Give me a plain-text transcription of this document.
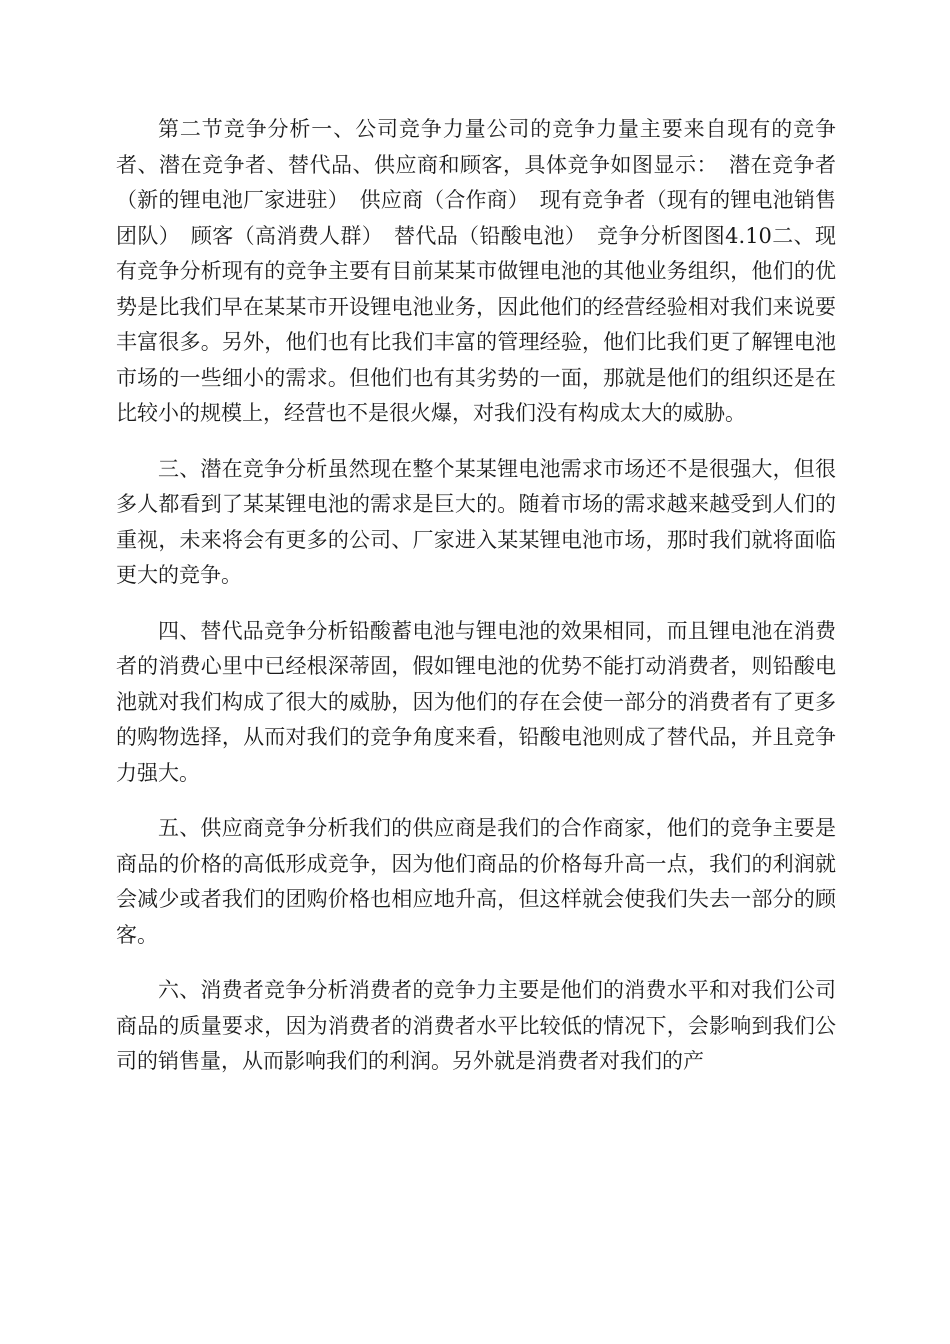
第二节竞争分析一、公司竞争力量公司的竞争力量主要来自现有的竞争者、潜在竞争者、替代品、供应商和顾客，具体竞争如图显示：　潜在竞争者（新的锂电池厂家进驻）　供应商（合作商）　现有竞争者（现有的锂电池销售团队）　顾客（高消费人群）　替代品（铅酸电池）　竞争分析图图4.10二、现有竞争分析现有的竞争主要有目前某某市做锂电池的其他业务组织，他们的优势是比我们早在某某市开设锂电池业务，因此他们的经营经验相对我们来说要丰富很多。另外，他们也有比我们丰富的管理经验，他们比我们更了解锂电池市场的一些细小的需求。但他们也有其劣势的一面，那就是他们的组织还是在比较小的规模上，经营也不是很火爆，对我们没有构成太大的威胁。

三、潜在竞争分析虽然现在整个某某锂电池需求市场还不是很强大，但很多人都看到了某某锂电池的需求是巨大的。随着市场的需求越来越受到人们的重视，未来将会有更多的公司、厂家进入某某锂电池市场，那时我们就将面临更大的竞争。

四、替代品竞争分析铅酸蓄电池与锂电池的效果相同，而且锂电池在消费者的消费心里中已经根深蒂固，假如锂电池的优势不能打动消费者，则铅酸电池就对我们构成了很大的威胁，因为他们的存在会使一部分的消费者有了更多的购物选择，从而对我们的竞争角度来看，铅酸电池则成了替代品，并且竞争力强大。

五、供应商竞争分析我们的供应商是我们的合作商家，他们的竞争主要是商品的价格的高低形成竞争，因为他们商品的价格每升高一点，我们的利润就会减少或者我们的团购价格也相应地升高，但这样就会使我们失去一部分的顾客。

六、消费者竞争分析消费者的竞争力主要是他们的消费水平和对我们公司商品的质量要求，因为消费者的消费者水平比较低的情况下，会影响到我们公司的销售量，从而影响我们的利润。另外就是消费者对我们的产
